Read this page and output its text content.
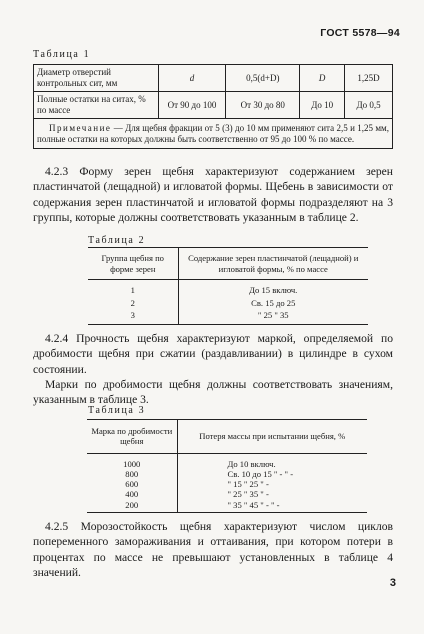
ГОСТ 5578—94
Таблица 1
Диаметр отверстий контрольных сит, мм	d	0,5(d+D)	D	1,25D
Полные остатки на ситах, % по массе	От 90 до 100	От 30 до 80	До 10	До 0,5
Примечание — Для щебня фракции от 5 (3) до 10 мм применяют сита 2,5 и 1,25 мм, полные остатки на которых должны быть соответственно от 95 до 100 % по массе.				
4.2.3 Форму зерен щебня характеризуют содержанием зерен пластинчатой (лещадной) и игловатой формы. Щебень в зависимости от содержания зерен пластинчатой и игловатой формы подразделяют на 3 группы, которые должны соответствовать указанным в таблице 2.
Таблица 2
Группа щебня по форме зерен	Содержание зерен пластинчатой (лещадной) и игловатой формы, % по массе
1	До 15 включ.
2	Св. 15 до 25
3	" 25 " 35
4.2.4 Прочность щебня характеризуют маркой, определяемой по дробимости щебня при сжатии (раздавливании) в цилиндре в сухом состоянии.
Марки по дробимости щебня должны соответствовать значениям, указанным в таблице 3.
Таблица 3
Марка по дробимости щебня	Потеря массы при испытании щебня, %
1000	До 10 включ.
800	Св. 10 до 15 " - " -
600	" 15 " 25 " -
400	" 25 " 35 " -
200	" 35 " 45 " - " -
4.2.5 Морозостойкость щебня характеризуют числом циклов попеременного замораживания и оттаивания, при котором потери в процентах по массе не превышают установленных в таблице 4 значений.
3
